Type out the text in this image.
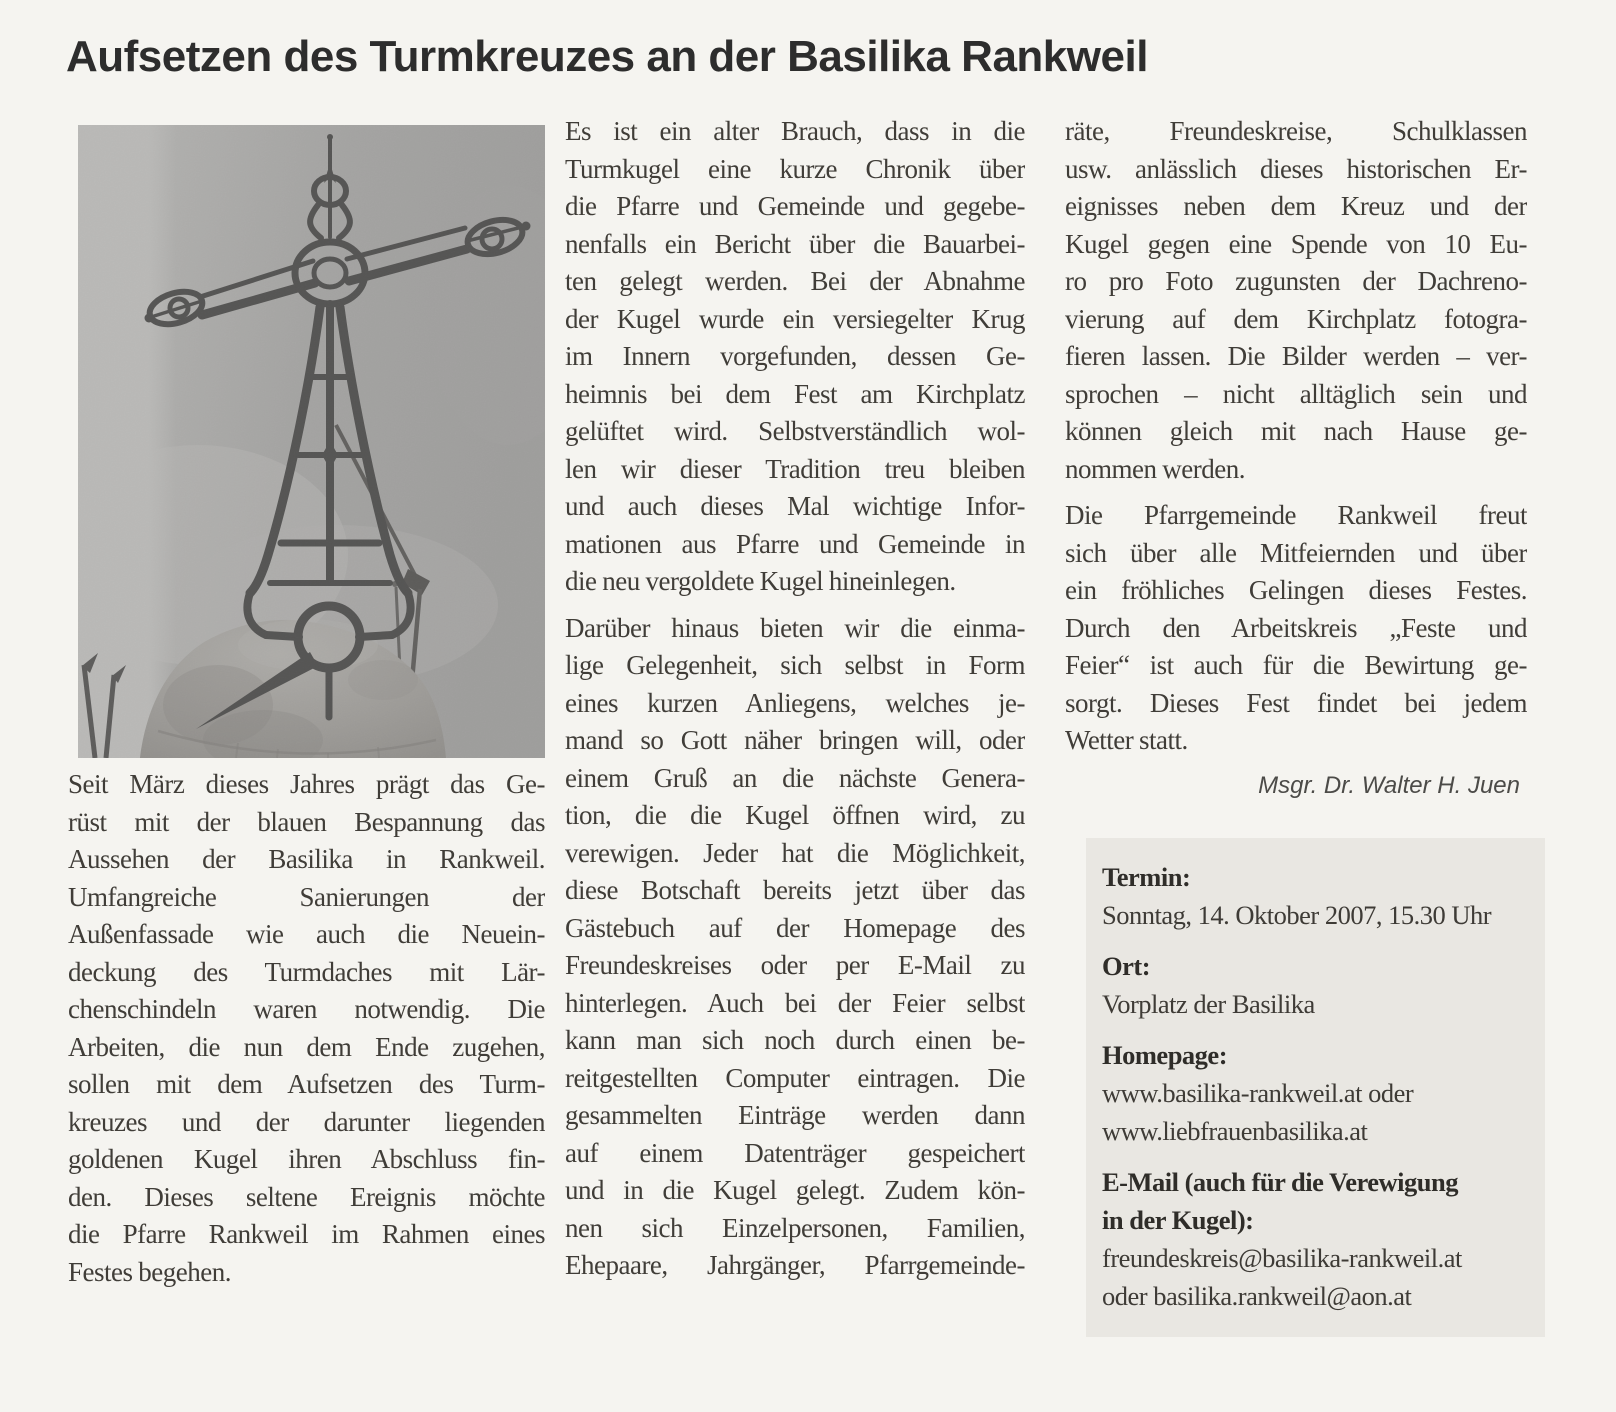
Aufsetzen des Turmkreuzes an der Basilika Rankweil
Seit März dieses Jahres prägt das Ge-
rüst mit der blauen Bespannung das
Aussehen der Basilika in Rankweil.
Umfangreiche Sanierungen der
Außenfassade wie auch die Neuein-
deckung des Turmdaches mit Lär-
chenschindeln waren notwendig. Die
Arbeiten, die nun dem Ende zugehen,
sollen mit dem Aufsetzen des Turm-
kreuzes und der darunter liegenden
goldenen Kugel ihren Abschluss fin-
den. Dieses seltene Ereignis möchte
die Pfarre Rankweil im Rahmen eines
Festes begehen.
Es ist ein alter Brauch, dass in die
Turmkugel eine kurze Chronik über
die Pfarre und Gemeinde und gegebe-
nenfalls ein Bericht über die Bauarbei-
ten gelegt werden. Bei der Abnahme
der Kugel wurde ein versiegelter Krug
im Innern vorgefunden, dessen Ge-
heimnis bei dem Fest am Kirchplatz
gelüftet wird. Selbstverständlich wol-
len wir dieser Tradition treu bleiben
und auch dieses Mal wichtige Infor-
mationen aus Pfarre und Gemeinde in
die neu vergoldete Kugel hineinlegen.
Darüber hinaus bieten wir die einma-
lige Gelegenheit, sich selbst in Form
eines kurzen Anliegens, welches je-
mand so Gott näher bringen will, oder
einem Gruß an die nächste Genera-
tion, die die Kugel öffnen wird, zu
verewigen. Jeder hat die Möglichkeit,
diese Botschaft bereits jetzt über das
Gästebuch auf der Homepage des
Freundeskreises oder per E-Mail zu
hinterlegen. Auch bei der Feier selbst
kann man sich noch durch einen be-
reitgestellten Computer eintragen. Die
gesammelten Einträge werden dann
auf einem Datenträger gespeichert
und in die Kugel gelegt. Zudem kön-
nen sich Einzelpersonen, Familien,
Ehepaare, Jahrgänger, Pfarrgemeinde-
räte, Freundeskreise, Schulklassen
usw. anlässlich dieses historischen Er-
eignisses neben dem Kreuz und der
Kugel gegen eine Spende von 10 Eu-
ro pro Foto zugunsten der Dachreno-
vierung auf dem Kirchplatz fotogra-
fieren lassen. Die Bilder werden – ver-
sprochen – nicht alltäglich sein und
können gleich mit nach Hause ge-
nommen werden.
Die Pfarrgemeinde Rankweil freut
sich über alle Mitfeiernden und über
ein fröhliches Gelingen dieses Festes.
Durch den Arbeitskreis „Feste und
Feier“ ist auch für die Bewirtung ge-
sorgt. Dieses Fest findet bei jedem
Wetter statt.
Msgr. Dr. Walter H. Juen
Termin:
Sonntag, 14. Oktober 2007, 15.30 Uhr
Ort:
Vorplatz der Basilika
Homepage:
www.basilika-rankweil.at oder
www.liebfrauenbasilika.at
E-Mail (auch für die Verewigung
in der Kugel):
freundeskreis@basilika-rankweil.at
oder basilika.rankweil@aon.at
